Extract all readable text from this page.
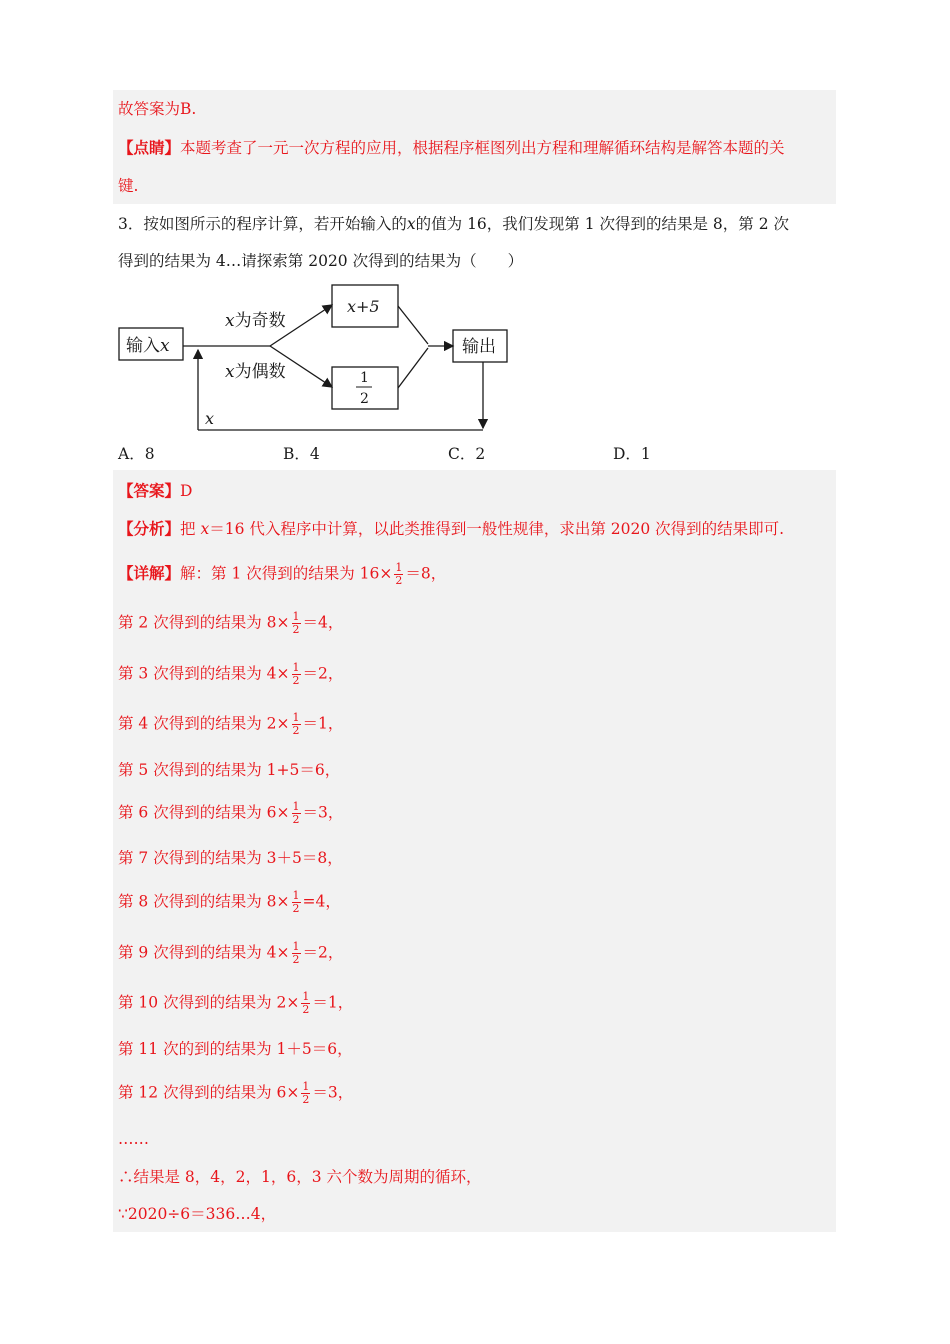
故答案为B.
【点睛】本题考查了一元一次方程的应用，根据程序框图列出方程和理解循环结构是解答本题的关
键.
3．按如图所示的程序计算，若开始输入的x的值为 16，我们发现第 1 次得到的结果是 8，第 2 次
得到的结果为 4…请探索第 2020 次得到的结果为（　　）
输入x
x为奇数
x为偶数
x+5
1
2
输出
x
A．8	B．4	C．2	D．1
【答案】D
【分析】把 x＝16 代入程序中计算，以此类推得到一般性规律，求出第 2020 次得到的结果即可.
【详解】解：第 1 次得到的结果为 $16\times \frac{1}{2} =8$，
第 2 次得到的结果为 $8\times \frac{1}{2} =4$，
第 3 次得到的结果为 $4\times \frac{1}{2} =2$，
第 4 次得到的结果为 $2\times \frac{1}{2} =1$，
第 5 次得到的结果为 1+5＝6，
第 6 次得到的结果为 $6\times \frac{1}{2} =3$，
第 7 次得到的结果为 3＋5＝8，
第 8 次得到的结果为 $8\times \frac{1}{2} =4$，
第 9 次得到的结果为 $4\times \frac{1}{2} =2$，
第 10 次得到的结果为 $2\times \frac{1}{2} =1$，
第 11 次的到的结果为 1＋5＝6，
第 12 次得到的结果为 $6\times \frac{1}{2} =3$，
……
∴结果是 8，4，2，1，6，3 六个数为周期的循环，
∵2020÷6＝336…4，
